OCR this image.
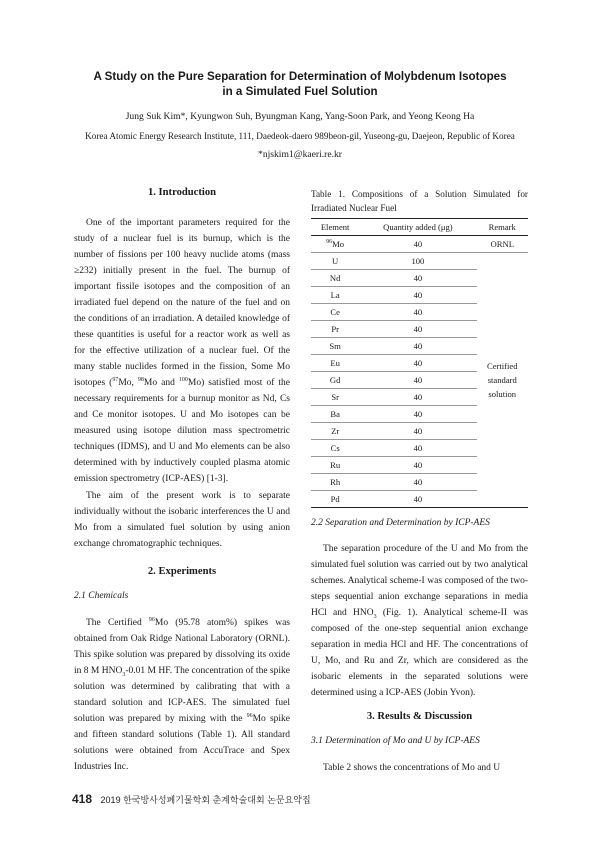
A Study on the Pure Separation for Determination of Molybdenum Isotopes
in a Simulated Fuel Solution
Jung Suk Kim*, Kyungwon Suh, Byungman Kang, Yang-Soon Park, and Yeong Keong Ha
Korea Atomic Energy Research Institute, 111, Daedeok-daero 989beon-gil, Yuseong-gu, Daejeon, Republic of Korea
*njskim1@kaeri.re.kr

1. Introduction

One of the important parameters required for the study of a nuclear fuel is its burnup, which is the number of fissions per 100 heavy nuclide atoms (mass ≥232) initially present in the fuel. The burnup of important fissile isotopes and the composition of an irradiated fuel depend on the nature of the fuel and on the conditions of an irradiation. A detailed knowledge of these quantities is useful for a reactor work as well as for the effective utilization of a nuclear fuel. Of the many stable nuclides formed in the fission, Some Mo isotopes ($^{97}$Mo, $^{98}$Mo and $^{100}$Mo) satisfied most of the necessary requirements for a burnup monitor as Nd, Cs and Ce monitor isotopes. U and Mo isotopes can be measured using isotope dilution mass spectrometric techniques (IDMS), and U and Mo elements can be also determined with by inductively coupled plasma atomic emission spectrometry (ICP-AES) [1-3].

The aim of the present work is to separate individually without the isobaric interferences the U and Mo from a simulated fuel solution by using anion exchange chromatographic techniques.

2. Experiments

2.1 Chemicals

The Certified $^{96}$Mo (95.78 atom%) spikes was obtained from Oak Ridge National Laboratory (ORNL). This spike solution was prepared by dissolving its oxide in 8 M $HNO_3-0.01$ M HF. The concentration of the spike solution was determined by calibrating that with a standard solution and ICP-AES. The simulated fuel solution was prepared by mixing with the $^{96}$Mo spike and fifteen standard solutions (Table 1). All standard solutions were obtained from AccuTrace and Spex Industries Inc.

Table 1. Compositions of a Solution Simulated for Irradiated Nuclear Fuel

Element	Quantity added (μg)	Remark
$^{96}$Mo	40	ORNL
U	100	Certified
standard
solution

Nd	40	
La	40	
Ce	40	
Pr	40	
Sm	40	
Eu	40	
Gd	40	
Sr	40	
Ba	40	
Zr	40	
Cs	40	
Ru	40	
Rh	40	
Pd	40	

2.2 Separation and Determination by ICP-AES

The separation procedure of the U and Mo from the simulated fuel solution was carried out by two analytical schemes. Analytical scheme-I was composed of the two-steps sequential anion exchange separations in media HCl and $HNO_3$ (Fig. 1). Analytical scheme-II was composed of the one-step sequential anion exchange separation in media HCl and HF. The concentrations of U, Mo, and Ru and Zr, which are considered as the isobaric elements in the separated solutions were determined using a ICP-AES (Jobin Yvon).

3. Results & Discussion

3.1 Determination of Mo and U by ICP-AES

Table 2 shows the concentrations of Mo and U

418 2019 한국방사성폐기물학회 춘계학술대회 논문요약집
